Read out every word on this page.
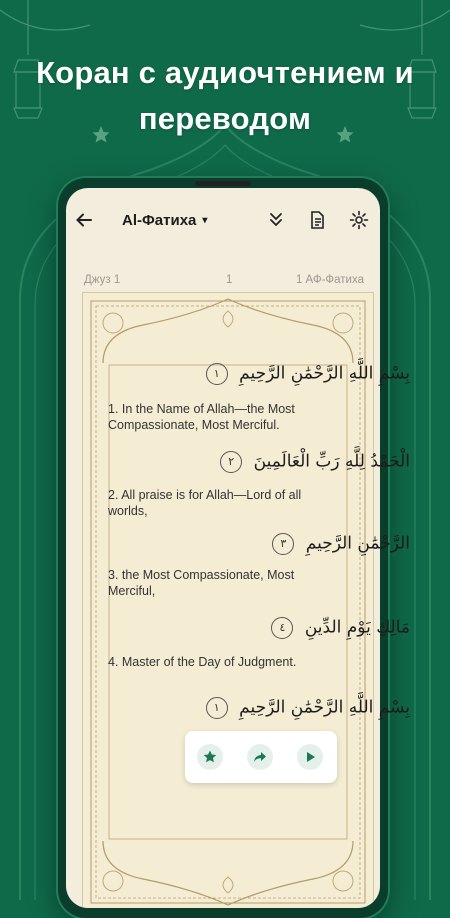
Коран с аудиочтением и
переводом
Al-Фатиха ▾
Джуз 1	1	1 АФ-Фатиха
بِسْمِ اللَّهِ الرَّحْمَٰنِ الرَّحِيمِ ١
1. In the Name of Allah—the Most Compassionate, Most Merciful.
الْحَمْدُ لِلَّهِ رَبِّ الْعَالَمِينَ ٢
2. All praise is for Allah—Lord of all worlds,
الرَّحْمَٰنِ الرَّحِيمِ ٣
3. the Most Compassionate, Most Merciful,
مَالِكِ يَوْمِ الدِّينِ ٤
4. Master of the Day of Judgment.
بِسْمِ اللَّهِ الرَّحْمَٰنِ الرَّحِيمِ ١
